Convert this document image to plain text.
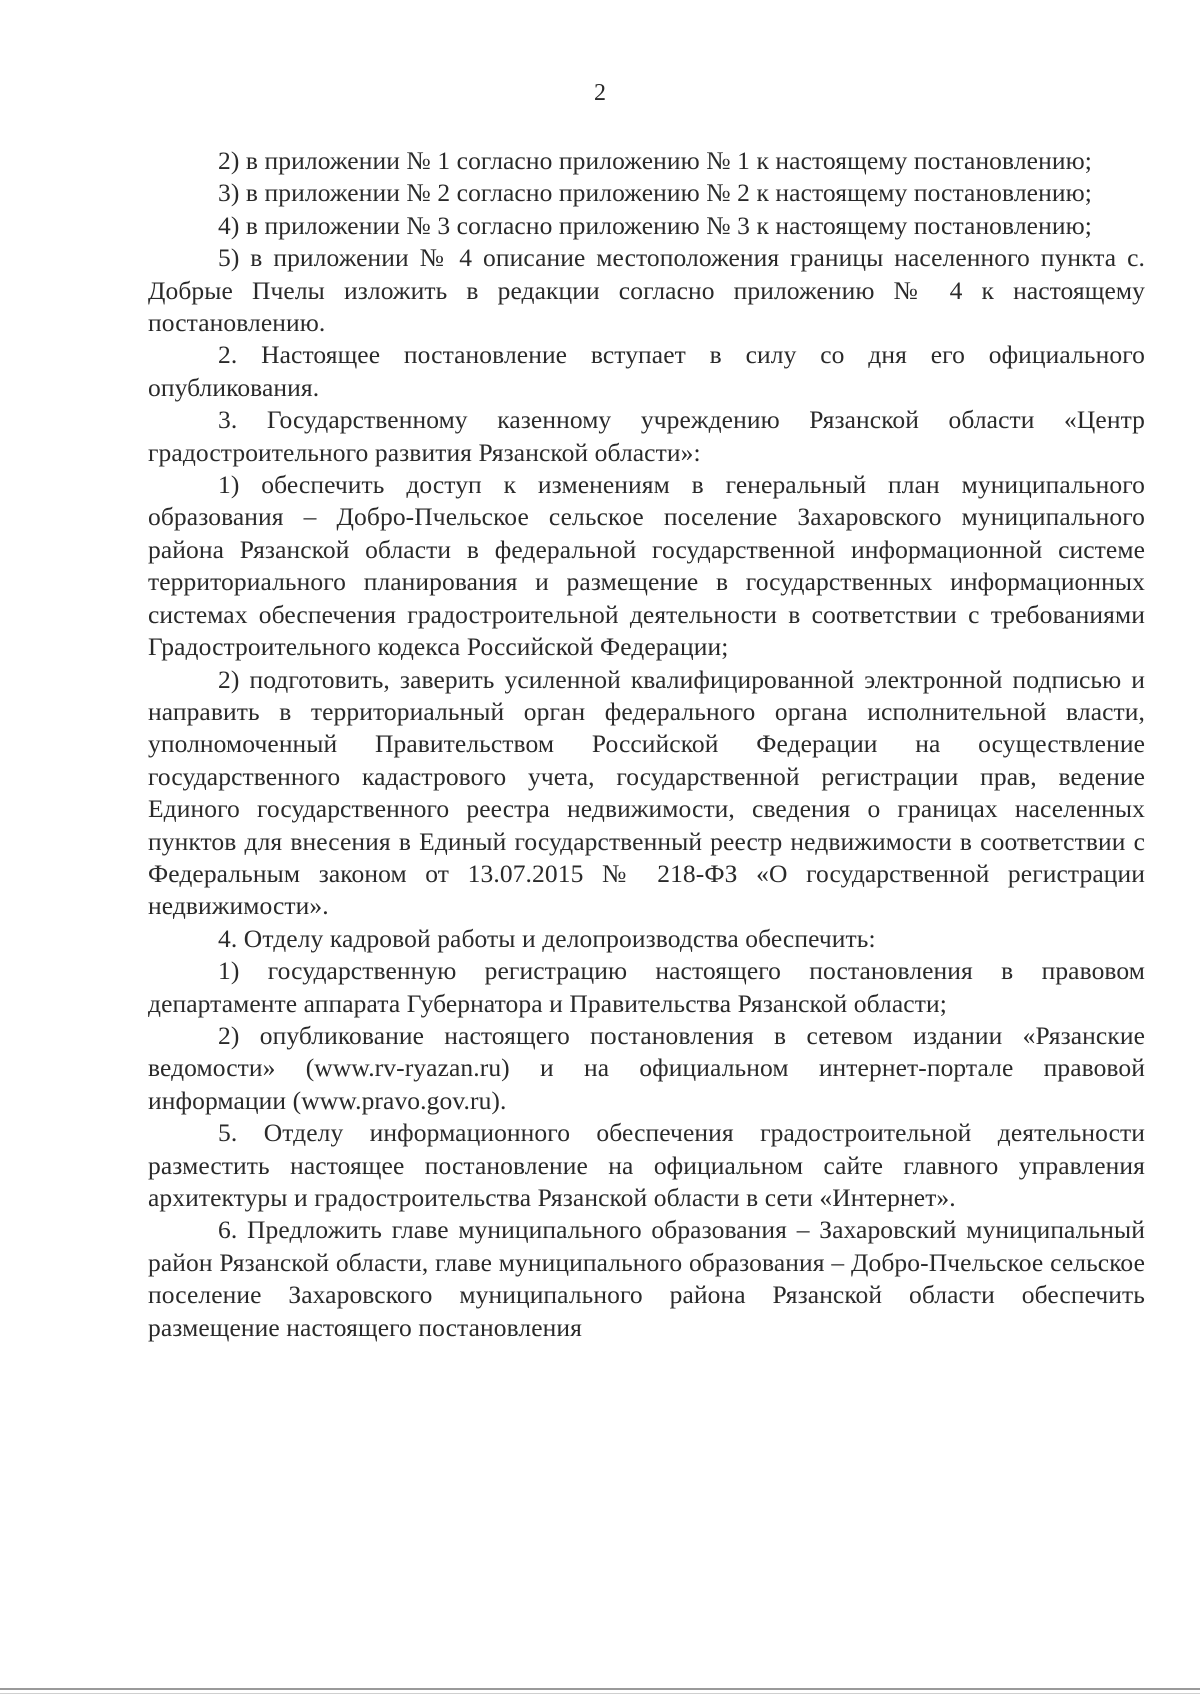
2

2) в приложении № 1 согласно приложению № 1 к настоящему постановлению;

3) в приложении № 2 согласно приложению № 2 к настоящему постановлению;

4) в приложении № 3 согласно приложению № 3 к настоящему постановлению;

5) в приложении № 4 описание местоположения границы населенного пункта с. Добрые Пчелы изложить в редакции согласно приложению № 4 к настоящему постановлению.

2. Настоящее постановление вступает в силу со дня его официального опубликования.

3. Государственному казенному учреждению Рязанской области «Центр градостроительного развития Рязанской области»:

1) обеспечить доступ к изменениям в генеральный план муниципального образования – Добро-Пчельское сельское поселение Захаровского муниципального района Рязанской области в федеральной государственной информационной системе территориального планирования и размещение в государственных информационных системах обеспечения градостроительной деятельности в соответствии с требованиями Градостроительного кодекса Российской Федерации;

2) подготовить, заверить усиленной квалифицированной электронной подписью и направить в территориальный орган федерального органа исполнительной власти, уполномоченный Правительством Российской Федерации на осуществление государственного кадастрового учета, государственной регистрации прав, ведение Единого государственного реестра недвижимости, сведения о границах населенных пунктов для внесения в Единый государственный реестр недвижимости в соответствии с Федеральным законом от 13.07.2015 № 218-ФЗ «О государственной регистрации недвижимости».

4. Отделу кадровой работы и делопроизводства обеспечить:

1) государственную регистрацию настоящего постановления в правовом департаменте аппарата Губернатора и Правительства Рязанской области;

2) опубликование настоящего постановления в сетевом издании «Рязанские ведомости» (www.rv-ryazan.ru) и на официальном интернет-портале правовой информации (www.pravo.gov.ru).

5. Отделу информационного обеспечения градостроительной деятельности разместить настоящее постановление на официальном сайте главного управления архитектуры и градостроительства Рязанской области в сети «Интернет».

6. Предложить главе муниципального образования – Захаровский муниципальный район Рязанской области, главе муниципального образования – Добро-Пчельское сельское поселение Захаровского муниципального района Рязанской области обеспечить размещение настоящего постановления
